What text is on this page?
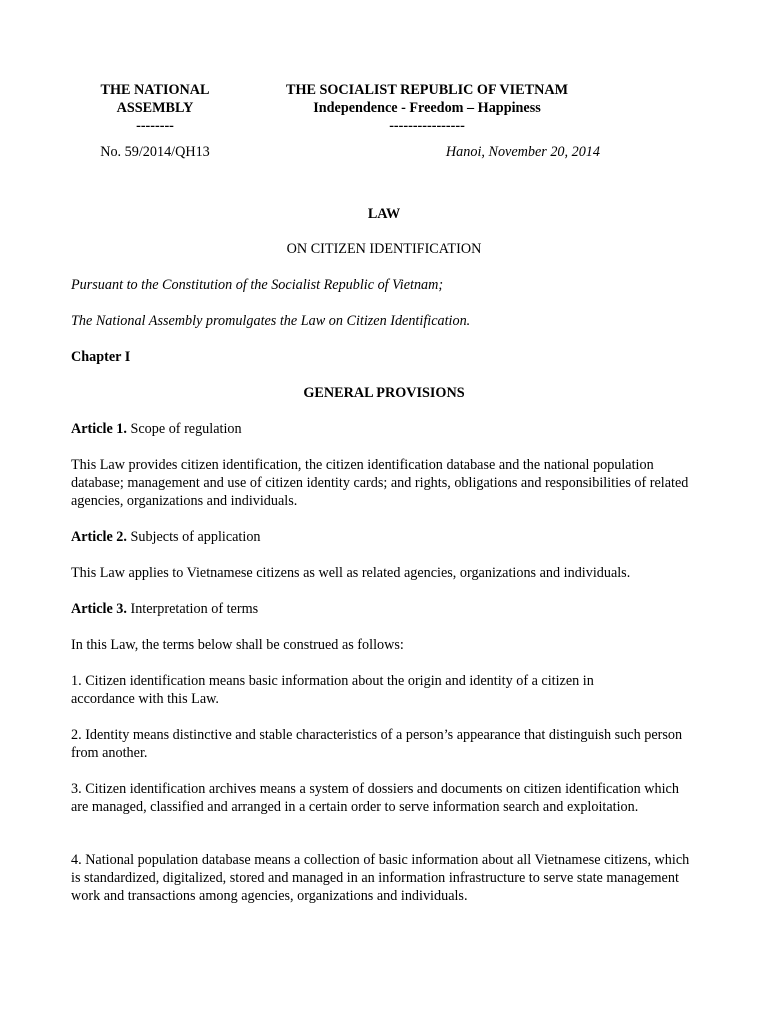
THE NATIONAL
ASSEMBLY
--------
No. 59/2014/QH13
THE SOCIALIST REPUBLIC OF VIETNAM
Independence - Freedom – Happiness
----------------
Hanoi, November 20, 2014
LAW
ON CITIZEN IDENTIFICATION
Pursuant to the Constitution of the Socialist Republic of Vietnam;
The National Assembly promulgates the Law on Citizen Identification.
Chapter I
GENERAL PROVISIONS
Article 1. Scope of regulation
This Law provides citizen identification, the citizen identification database and the national population database; management and use of citizen identity cards; and rights, obligations and responsibilities of related agencies, organizations and individuals.
Article 2. Subjects of application
This Law applies to Vietnamese citizens as well as related agencies, organizations and individuals.
Article 3. Interpretation of terms
In this Law, the terms below shall be construed as follows:
1. Citizen identification means basic information about the origin and identity of a citizen in accordance with this Law.
2. Identity means distinctive and stable characteristics of a person’s appearance that distinguish such person from another.
3. Citizen identification archives means a system of dossiers and documents on citizen identification which are managed, classified and arranged in a certain order to serve information search and exploitation.
4. National population database means a collection of basic information about all Vietnamese citizens, which is standardized, digitalized, stored and managed in an information infrastructure to serve state management work and transactions among agencies, organizations and individuals.
